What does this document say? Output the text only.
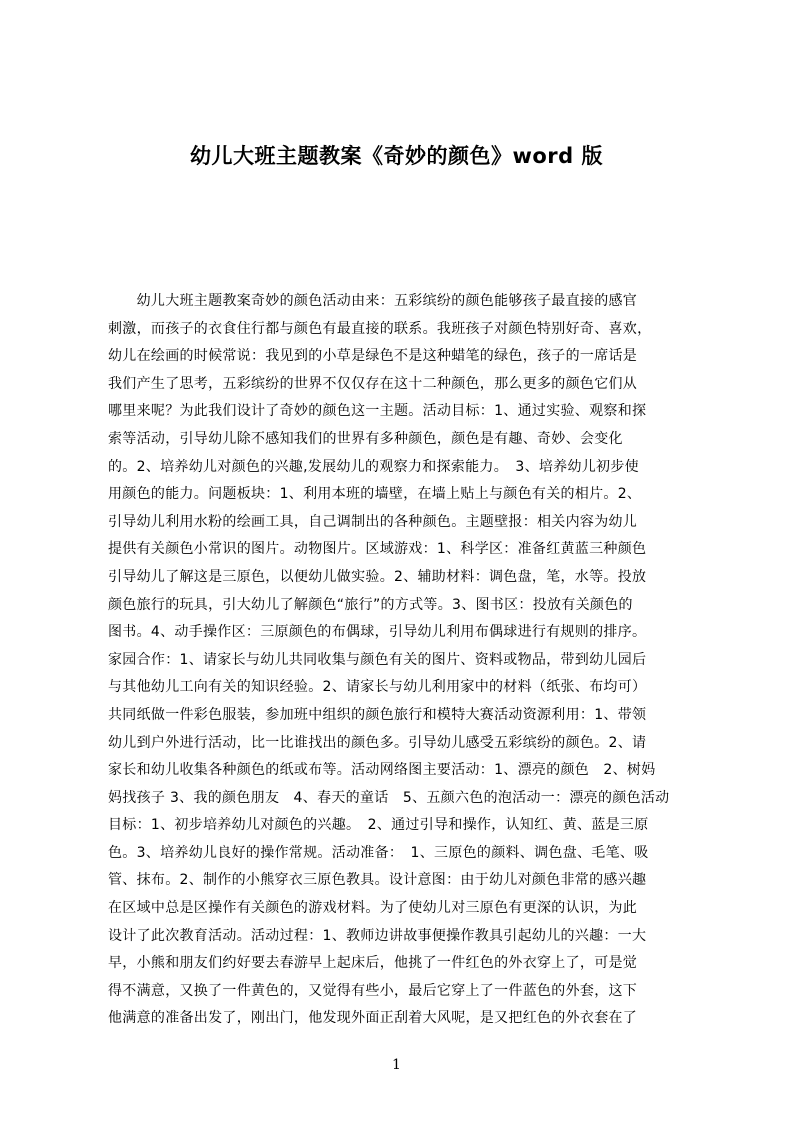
幼儿大班主题教案《奇妙的颜色》word 版
　　幼儿大班主题教案奇妙的颜色活动由来：五彩缤纷的颜色能够孩子最直接的感官
刺激，而孩子的衣食住行都与颜色有最直接的联系。我班孩子对颜色特别好奇、喜欢，
幼儿在绘画的时候常说：我见到的小草是绿色不是这种蜡笔的绿色，孩子的一席话是
我们产生了思考，五彩缤纷的世界不仅仅存在这十二种颜色，那么更多的颜色它们从
哪里来呢？为此我们设计了奇妙的颜色这一主题。活动目标：1、通过实验、观察和探
索等活动，引导幼儿除不感知我们的世界有多种颜色，颜色是有趣、奇妙、会变化
的。2、培养幼儿对颜色的兴趣,发展幼儿的观察力和探索能力。　3、培养幼儿初步使
用颜色的能力。问题板块：1、利用本班的墙壁，在墙上贴上与颜色有关的相片。2、
引导幼儿利用水粉的绘画工具，自己调制出的各种颜色。主题壁报：相关内容为幼儿
提供有关颜色小常识的图片。动物图片。区域游戏：1、科学区：准备红黄蓝三种颜色
引导幼儿了解这是三原色，以便幼儿做实验。2、辅助材料：调色盘，笔，水等。投放
颜色旅行的玩具，引大幼儿了解颜色“旅行”的方式等。3、图书区：投放有关颜色的
图书。4、动手操作区：三原颜色的布偶球，引导幼儿利用布偶球进行有规则的排序。
家园合作：1、请家长与幼儿共同收集与颜色有关的图片、资料或物品，带到幼儿园后
与其他幼儿工向有关的知识经验。2、请家长与幼儿利用家中的材料（纸张、布均可）
共同纸做一件彩色服装，参加班中组织的颜色旅行和模特大赛活动资源利用：1、带领
幼儿到户外进行活动，比一比谁找出的颜色多。引导幼儿感受五彩缤纷的颜色。2、请
家长和幼儿收集各种颜色的纸或布等。活动网络图主要活动：1、漂亮的颜色　2、树妈
妈找孩子 3、我的颜色朋友　4、春天的童话　5、五颜六色的泡活动一：漂亮的颜色活动
目标：1、初步培养幼儿对颜色的兴趣。　2、通过引导和操作，认知红、黄、蓝是三原
色。3、培养幼儿良好的操作常规。活动准备：　1、三原色的颜料、调色盘、毛笔、吸
管、抹布。2、制作的小熊穿衣三原色教具。设计意图：由于幼儿对颜色非常的感兴趣
在区域中总是区操作有关颜色的游戏材料。为了使幼儿对三原色有更深的认识，为此
设计了此次教育活动。活动过程：1、教师边讲故事便操作教具引起幼儿的兴趣：一大
早，小熊和朋友们约好要去春游早上起床后，他挑了一件红色的外衣穿上了，可是觉
得不满意，又换了一件黄色的，又觉得有些小，最后它穿上了一件蓝色的外套，这下
他满意的准备出发了，刚出门，他发现外面正刮着大风呢，是又把红色的外衣套在了
1
